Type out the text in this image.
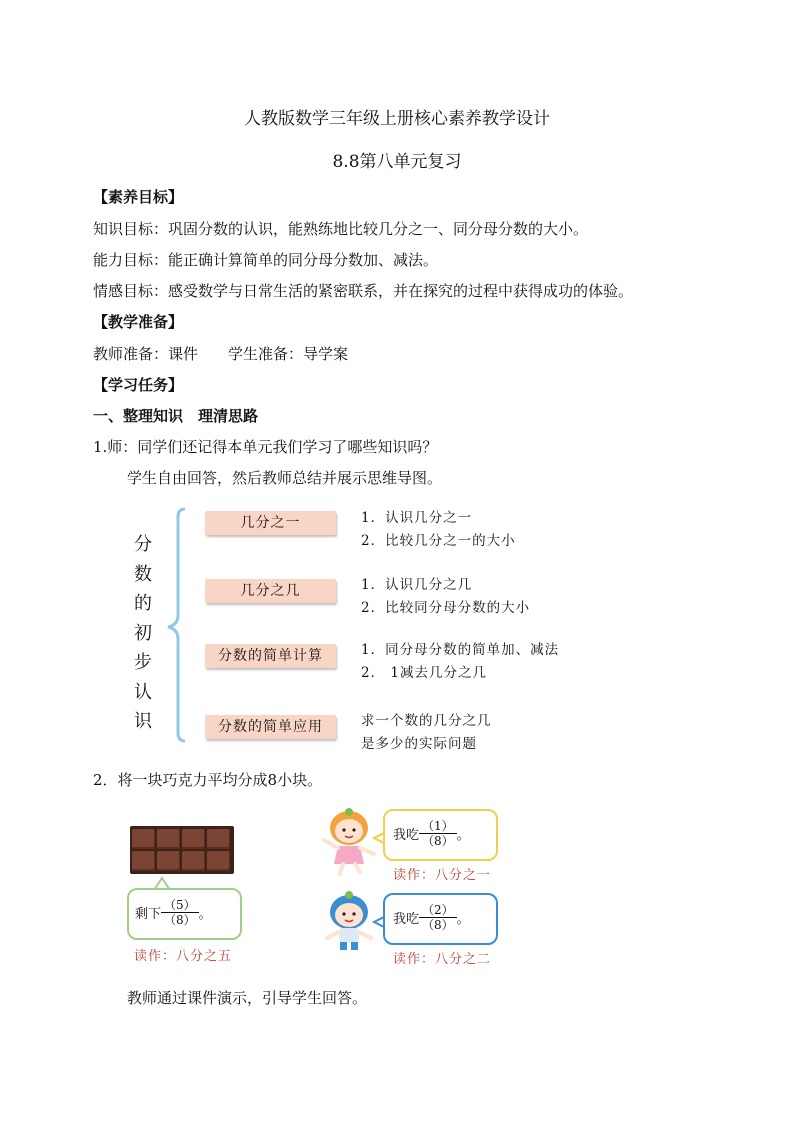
人教版数学三年级上册核心素养教学设计
8.8第八单元复习
【素养目标】
知识目标：巩固分数的认识，能熟练地比较几分之一、同分母分数的大小。
能力目标：能正确计算简单的同分母分数加、减法。
情感目标：感受数学与日常生活的紧密联系，并在探究的过程中获得成功的体验。
【教学准备】
教师准备：课件　　学生准备：导学案
【学习任务】
一、整理知识　理清思路
1.师：同学们还记得本单元我们学习了哪些知识吗？
学生自由回答，然后教师总结并展示思维导图。
分
数
的
初
步
认
识
几分之一	1．认识几分之一
2．比较几分之一的大小
几分之几	1．认识几分之几
2．比较同分母分数的大小
分数的简单计算	1．同分母分数的简单加、减法
2． 1减去几分之几
分数的简单应用	求一个数的几分之几
是多少的实际问题
2．将一块巧克力平均分成8小块。
剩下 $\frac{(5)}{(8)}$ 。
读作：八分之五
我吃 $\frac{(1)}{(8)}$ 。
读作：八分之一
我吃 $\frac{(2)}{(8)}$ 。
读作：八分之二
教师通过课件演示，引导学生回答。
